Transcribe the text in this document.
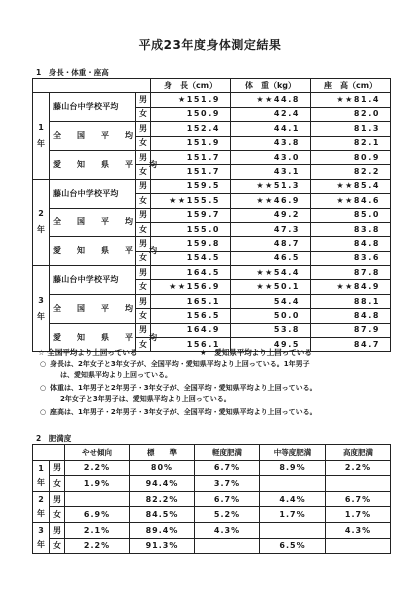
平成23年度身体測定結果
1　身長・体重・座高
			身　長（cm）	体　重（kg）	座　高（cm）

1
年	藤山台中学校平均	男	★151.9	★★44.8	★★81.4
		女	150.9	42.4	82.0
	全　国　平　均	男	152.4	44.1	81.3
		女	151.9	43.8	82.1
	愛　知　県　平　均	男	151.7	43.0	80.9
		女	151.7	43.1	82.2

2
年	藤山台中学校平均	男	159.5	★★51.3	★★85.4
		女	★★155.5	★★46.9	★★84.6
	全　国　平　均	男	159.7	49.2	85.0
		女	155.0	47.3	83.8
	愛　知　県　平　均	男	159.8	48.7	84.8
		女	154.5	46.5	83.6

3
年	藤山台中学校平均	男	164.5	★★54.4	87.8
		女	★★156.9	★★50.1	★★84.9
	全　国　平　均	男	165.1	54.4	88.1
		女	156.5	50.0	84.8
	愛　知　県　平　均	男	164.9	53.8	87.9
		女	156.1	49.5	84.7
☆ 全国平均より上回っている	★　愛知県平均より上回っている
○ 身長は、2年女子と3年女子が、全国平均・愛知県平均より上回っている。1年男子
は、愛知県平均より上回っている。
○ 体重は、1年男子と2年男子・3年女子が、全国平均・愛知県平均より上回っている。
2年女子と3年男子は、愛知県平均より上回っている。
○ 座高は、1年男子・2年男子・3年女子が、全国平均・愛知県平均より上回っている。
2　肥満度
		やせ傾向	標　　準	軽度肥満	中等度肥満	高度肥満

1
年	男	2.2%	80%	6.7%	8.9%	2.2%
	女	1.9%	94.4%	3.7%		

2
年	男		82.2%	6.7%	4.4%	6.7%
	女	6.9%	84.5%	5.2%	1.7%	1.7%

3
年	男	2.1%	89.4%	4.3%		4.3%
	女	2.2%	91.3%		6.5%	
